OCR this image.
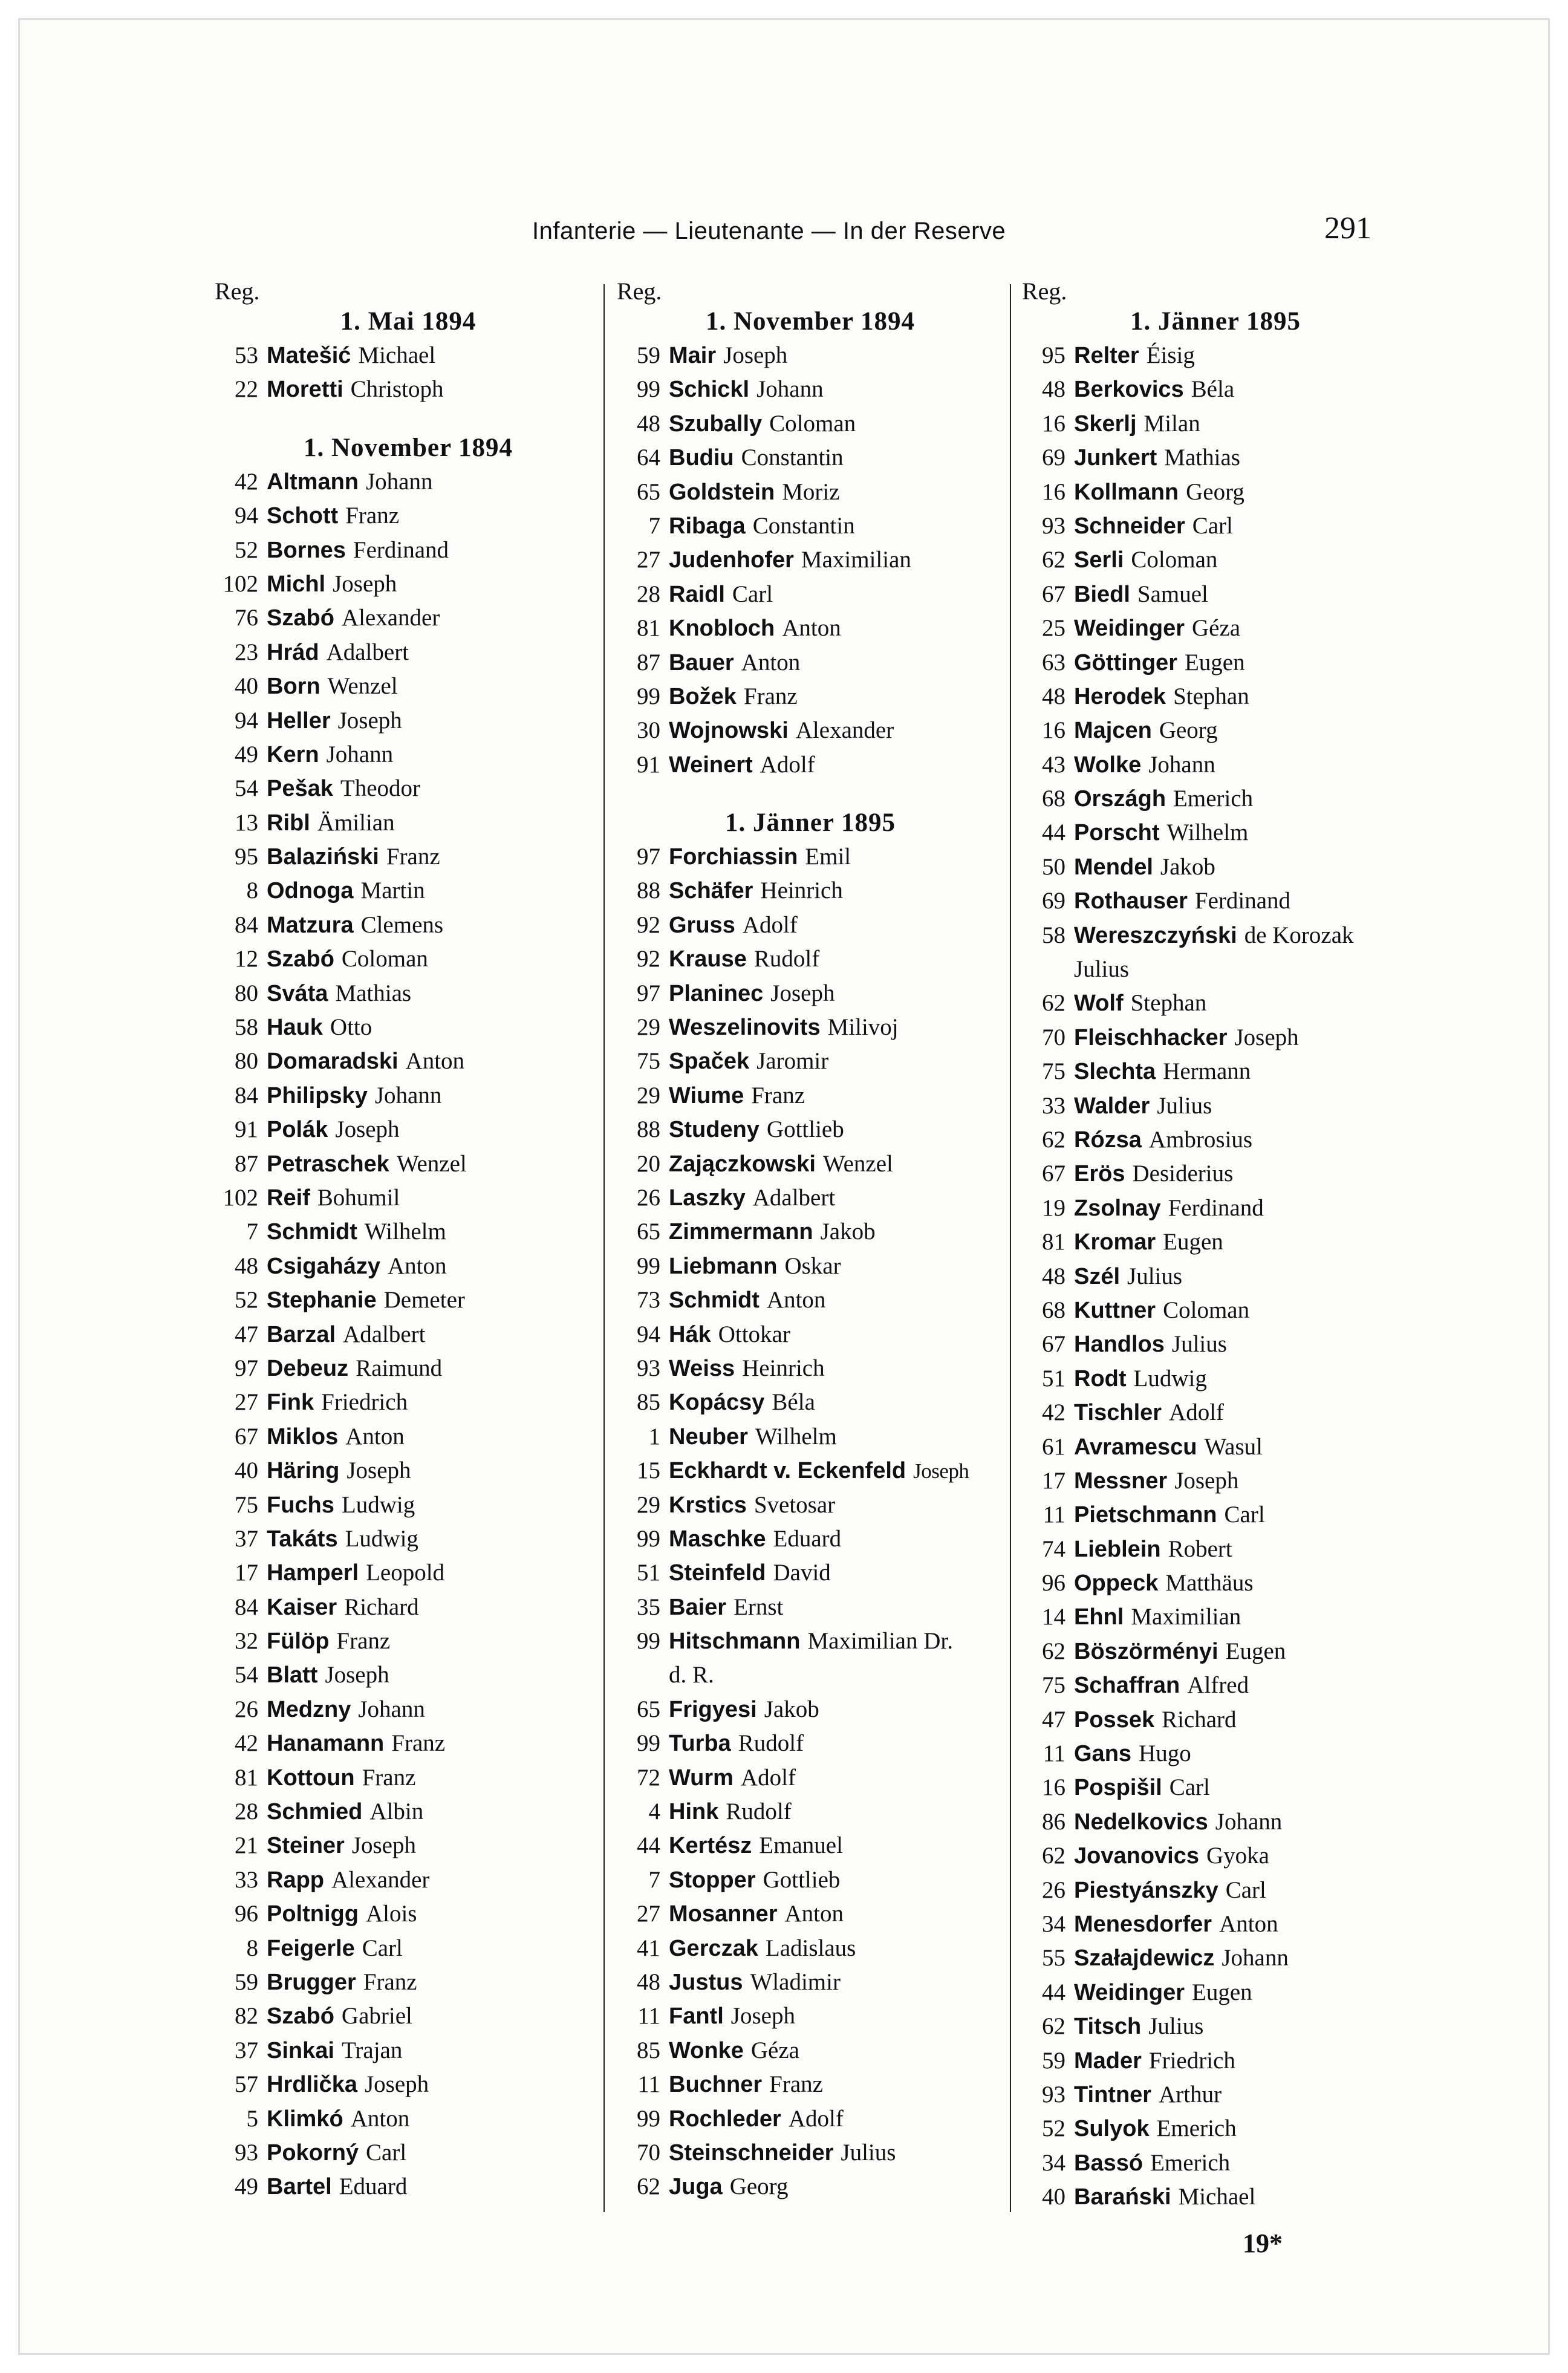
Infanterie — Lieutenante — In der Reserve	291
Reg.
1. Mai 1894
53 Matešić Michael
22 Moretti Christoph
1. November 1894
42 Altmann Johann
94 Schott Franz
52 Bornes Ferdinand
102 Michl Joseph
76 Szabó Alexander
23 Hrád Adalbert
40 Born Wenzel
94 Heller Joseph
49 Kern Johann
54 Pešak Theodor
13 Ribl Ämilian
95 Balaziński Franz
8 Odnoga Martin
84 Matzura Clemens
12 Szabó Coloman
80 Sváta Mathias
58 Hauk Otto
80 Domaradski Anton
84 Philipsky Johann
91 Polák Joseph
87 Petraschek Wenzel
102 Reif Bohumil
7 Schmidt Wilhelm
48 Csigaházy Anton
52 Stephanie Demeter
47 Barzal Adalbert
97 Debeuz Raimund
27 Fink Friedrich
67 Miklos Anton
40 Häring Joseph
75 Fuchs Ludwig
37 Takáts Ludwig
17 Hamperl Leopold
84 Kaiser Richard
32 Fülöp Franz
54 Blatt Joseph
26 Medzny Johann
42 Hanamann Franz
81 Kottoun Franz
28 Schmied Albin
21 Steiner Joseph
33 Rapp Alexander
96 Poltnigg Alois
8 Feigerle Carl
59 Brugger Franz
82 Szabó Gabriel
37 Sinkai Trajan
57 Hrdlička Joseph
5 Klimkó Anton
93 Pokorný Carl
49 Bartel Eduard
Reg.
1. November 1894
59 Mair Joseph
99 Schickl Johann
48 Szubally Coloman
64 Budiu Constantin
65 Goldstein Moriz
7 Ribaga Constantin
27 Judenhofer Maximilian
28 Raidl Carl
81 Knobloch Anton
87 Bauer Anton
99 Božek Franz
30 Wojnowski Alexander
91 Weinert Adolf
1. Jänner 1895
97 Forchiassin Emil
88 Schäfer Heinrich
92 Gruss Adolf
92 Krause Rudolf
97 Planinec Joseph
29 Weszelinovits Milivoj
75 Spaček Jaromir
29 Wiume Franz
88 Studeny Gottlieb
20 Zajączkowski Wenzel
26 Laszky Adalbert
65 Zimmermann Jakob
99 Liebmann Oskar
73 Schmidt Anton
94 Hák Ottokar
93 Weiss Heinrich
85 Kopácsy Béla
1 Neuber Wilhelm
15 Eckhardt v. Eckenfeld Joseph
29 Krstics Svetosar
99 Maschke Eduard
51 Steinfeld David
35 Baier Ernst
99 Hitschmann Maximilian Dr.
d. R.
65 Frigyesi Jakob
99 Turba Rudolf
72 Wurm Adolf
4 Hink Rudolf
44 Kertész Emanuel
7 Stopper Gottlieb
27 Mosanner Anton
41 Gerczak Ladislaus
48 Justus Wladimir
11 Fantl Joseph
85 Wonke Géza
11 Buchner Franz
99 Rochleder Adolf
70 Steinschneider Julius
62 Juga Georg
Reg.
1. Jänner 1895
95 Relter Éisig
48 Berkovics Béla
16 Skerlj Milan
69 Junkert Mathias
16 Kollmann Georg
93 Schneider Carl
62 Serli Coloman
67 Biedl Samuel
25 Weidinger Géza
63 Göttinger Eugen
48 Herodek Stephan
16 Majcen Georg
43 Wolke Johann
68 Országh Emerich
44 Porscht Wilhelm
50 Mendel Jakob
69 Rothauser Ferdinand
58 Wereszczyński de Korozak
Julius
62 Wolf Stephan
70 Fleischhacker Joseph
75 Slechta Hermann
33 Walder Julius
62 Rózsa Ambrosius
67 Erös Desiderius
19 Zsolnay Ferdinand
81 Kromar Eugen
48 Szél Julius
68 Kuttner Coloman
67 Handlos Julius
51 Rodt Ludwig
42 Tischler Adolf
61 Avramescu Wasul
17 Messner Joseph
11 Pietschmann Carl
74 Lieblein Robert
96 Oppeck Matthäus
14 Ehnl Maximilian
62 Böszörményi Eugen
75 Schaffran Alfred
47 Possek Richard
11 Gans Hugo
16 Pospišil Carl
86 Nedelkovics Johann
62 Jovanovics Gyoka
26 Piestyánszky Carl
34 Menesdorfer Anton
55 Szałajdewicz Johann
44 Weidinger Eugen
62 Titsch Julius
59 Mader Friedrich
93 Tintner Arthur
52 Sulyok Emerich
34 Bassó Emerich
40 Barański Michael
19*
